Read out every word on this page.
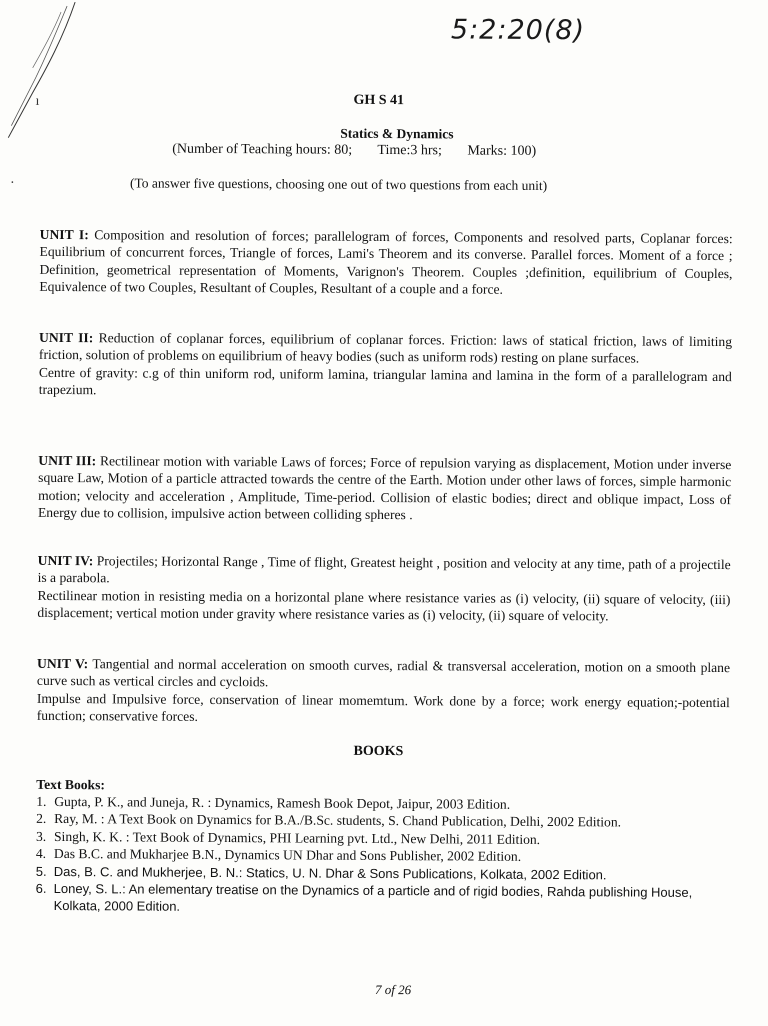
ı
·
5:2:20(8)
GH S 41
Statics & Dynamics
(Number of Teaching hours: 80; Time:3 hrs; Marks: 100)
(To answer five questions, choosing one out of two questions from each unit)
UNIT I: Composition and resolution of forces; parallelogram of forces, Components and resolved parts, Coplanar forces: Equilibrium of concurrent forces, Triangle of forces, Lami's Theorem and its converse. Parallel forces. Moment of a force ; Definition, geometrical representation of Moments, Varignon's Theorem. Couples ;definition, equilibrium of Couples, Equivalence of two Couples, Resultant of Couples, Resultant of a couple and a force.
UNIT II: Reduction of coplanar forces, equilibrium of coplanar forces. Friction: laws of statical friction, laws of limiting friction, solution of problems on equilibrium of heavy bodies (such as uniform rods) resting on plane surfaces.
Centre of gravity: c.g of thin uniform rod, uniform lamina, triangular lamina and lamina in the form of a parallelogram and trapezium.
UNIT III: Rectilinear motion with variable Laws of forces; Force of repulsion varying as displacement, Motion under inverse square Law, Motion of a particle attracted towards the centre of the Earth. Motion under other laws of forces, simple harmonic motion; velocity and acceleration , Amplitude, Time-period. Collision of elastic bodies; direct and oblique impact, Loss of Energy due to collision, impulsive action between colliding spheres .
UNIT IV: Projectiles; Horizontal Range , Time of flight, Greatest height , position and velocity at any time, path of a projectile is a parabola.
Rectilinear motion in resisting media on a horizontal plane where resistance varies as (i) velocity, (ii) square of velocity, (iii) displacement; vertical motion under gravity where resistance varies as (i) velocity, (ii) square of velocity.
UNIT V: Tangential and normal acceleration on smooth curves, radial & transversal acceleration, motion on a smooth plane curve such as vertical circles and cycloids.
Impulse and Impulsive force, conservation of linear momemtum. Work done by a force; work energy equation;-potential function; conservative forces.
BOOKS
Text Books:
1. Gupta, P. K., and Juneja, R. : Dynamics, Ramesh Book Depot, Jaipur, 2003 Edition.
2. Ray, M. : A Text Book on Dynamics for B.A./B.Sc. students, S. Chand Publication, Delhi, 2002 Edition.
3. Singh, K. K. : Text Book of Dynamics, PHI Learning pvt. Ltd., New Delhi, 2011 Edition.
4. Das B.C. and Mukharjee B.N., Dynamics UN Dhar and Sons Publisher, 2002 Edition.
5. Das, B. C. and Mukherjee, B. N.: Statics, U. N. Dhar & Sons Publications, Kolkata, 2002 Edition.
6. Loney, S. L.: An elementary treatise on the Dynamics of a particle and of rigid bodies, Rahda publishing House, Kolkata, 2000 Edition.
7 of 26
